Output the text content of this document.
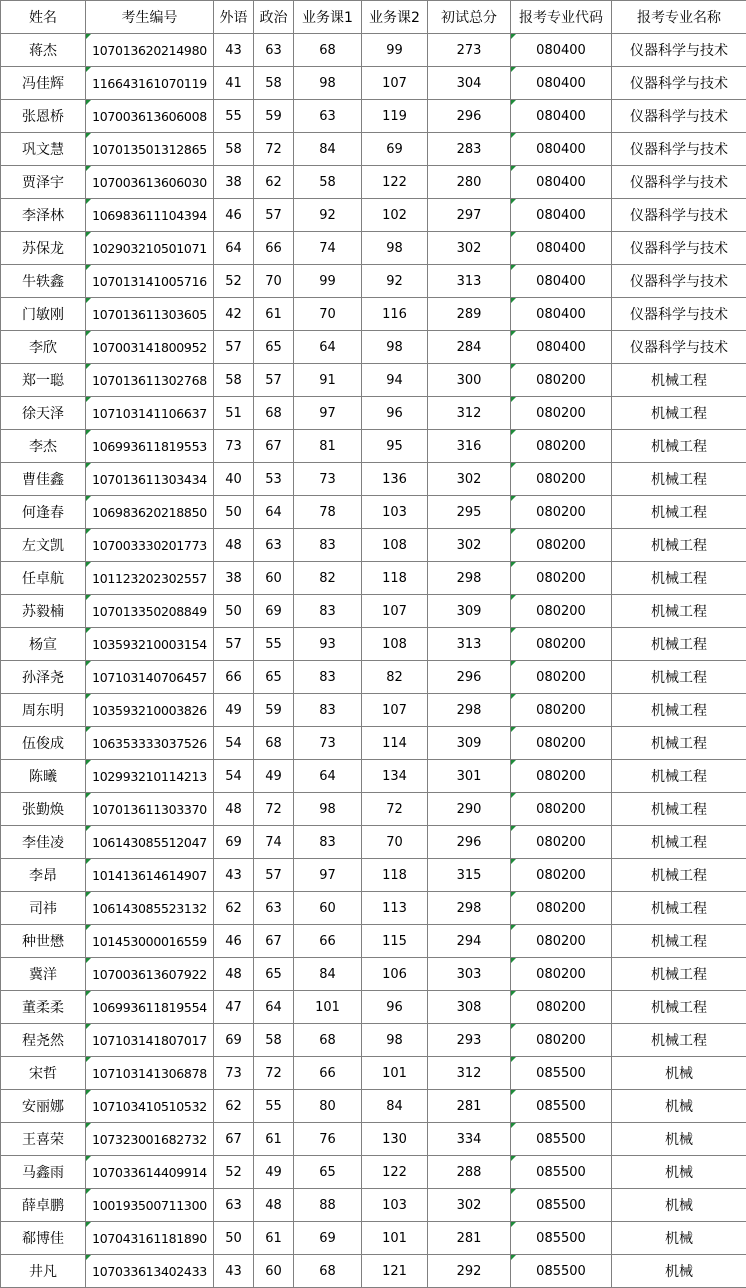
姓名	考生编号	外语	政治	业务课1	业务课2	初试总分	报考专业代码	报考专业名称
蒋杰	107013620214980	43	63	68	99	273	080400	仪器科学与技术
冯佳辉	116643161070119	41	58	98	107	304	080400	仪器科学与技术
张恩桥	107003613606008	55	59	63	119	296	080400	仪器科学与技术
巩文慧	107013501312865	58	72	84	69	283	080400	仪器科学与技术
贾泽宇	107003613606030	38	62	58	122	280	080400	仪器科学与技术
李泽林	106983611104394	46	57	92	102	297	080400	仪器科学与技术
苏保龙	102903210501071	64	66	74	98	302	080400	仪器科学与技术
牛轶鑫	107013141005716	52	70	99	92	313	080400	仪器科学与技术
门敏刚	107013611303605	42	61	70	116	289	080400	仪器科学与技术
李欣	107003141800952	57	65	64	98	284	080400	仪器科学与技术
郑一聪	107013611302768	58	57	91	94	300	080200	机械工程
徐天泽	107103141106637	51	68	97	96	312	080200	机械工程
李杰	106993611819553	73	67	81	95	316	080200	机械工程
曹佳鑫	107013611303434	40	53	73	136	302	080200	机械工程
何逢春	106983620218850	50	64	78	103	295	080200	机械工程
左文凯	107003330201773	48	63	83	108	302	080200	机械工程
任卓航	101123202302557	38	60	82	118	298	080200	机械工程
苏毅楠	107013350208849	50	69	83	107	309	080200	机械工程
杨宣	103593210003154	57	55	93	108	313	080200	机械工程
孙泽尧	107103140706457	66	65	83	82	296	080200	机械工程
周东明	103593210003826	49	59	83	107	298	080200	机械工程
伍俊成	106353333037526	54	68	73	114	309	080200	机械工程
陈曦	102993210114213	54	49	64	134	301	080200	机械工程
张勤焕	107013611303370	48	72	98	72	290	080200	机械工程
李佳凌	106143085512047	69	74	83	70	296	080200	机械工程
李昂	101413614614907	43	57	97	118	315	080200	机械工程
司祎	106143085523132	62	63	60	113	298	080200	机械工程
种世懋	101453000016559	46	67	66	115	294	080200	机械工程
冀洋	107003613607922	48	65	84	106	303	080200	机械工程
董柔柔	106993611819554	47	64	101	96	308	080200	机械工程
程尧然	107103141807017	69	58	68	98	293	080200	机械工程
宋哲	107103141306878	73	72	66	101	312	085500	机械
安丽娜	107103410510532	62	55	80	84	281	085500	机械
王喜荣	107323001682732	67	61	76	130	334	085500	机械
马鑫雨	107033614409914	52	49	65	122	288	085500	机械
薛卓鹏	100193500711300	63	48	88	103	302	085500	机械
郗博佳	107043161181890	50	61	69	101	281	085500	机械
井凡	107033613402433	43	60	68	121	292	085500	机械
